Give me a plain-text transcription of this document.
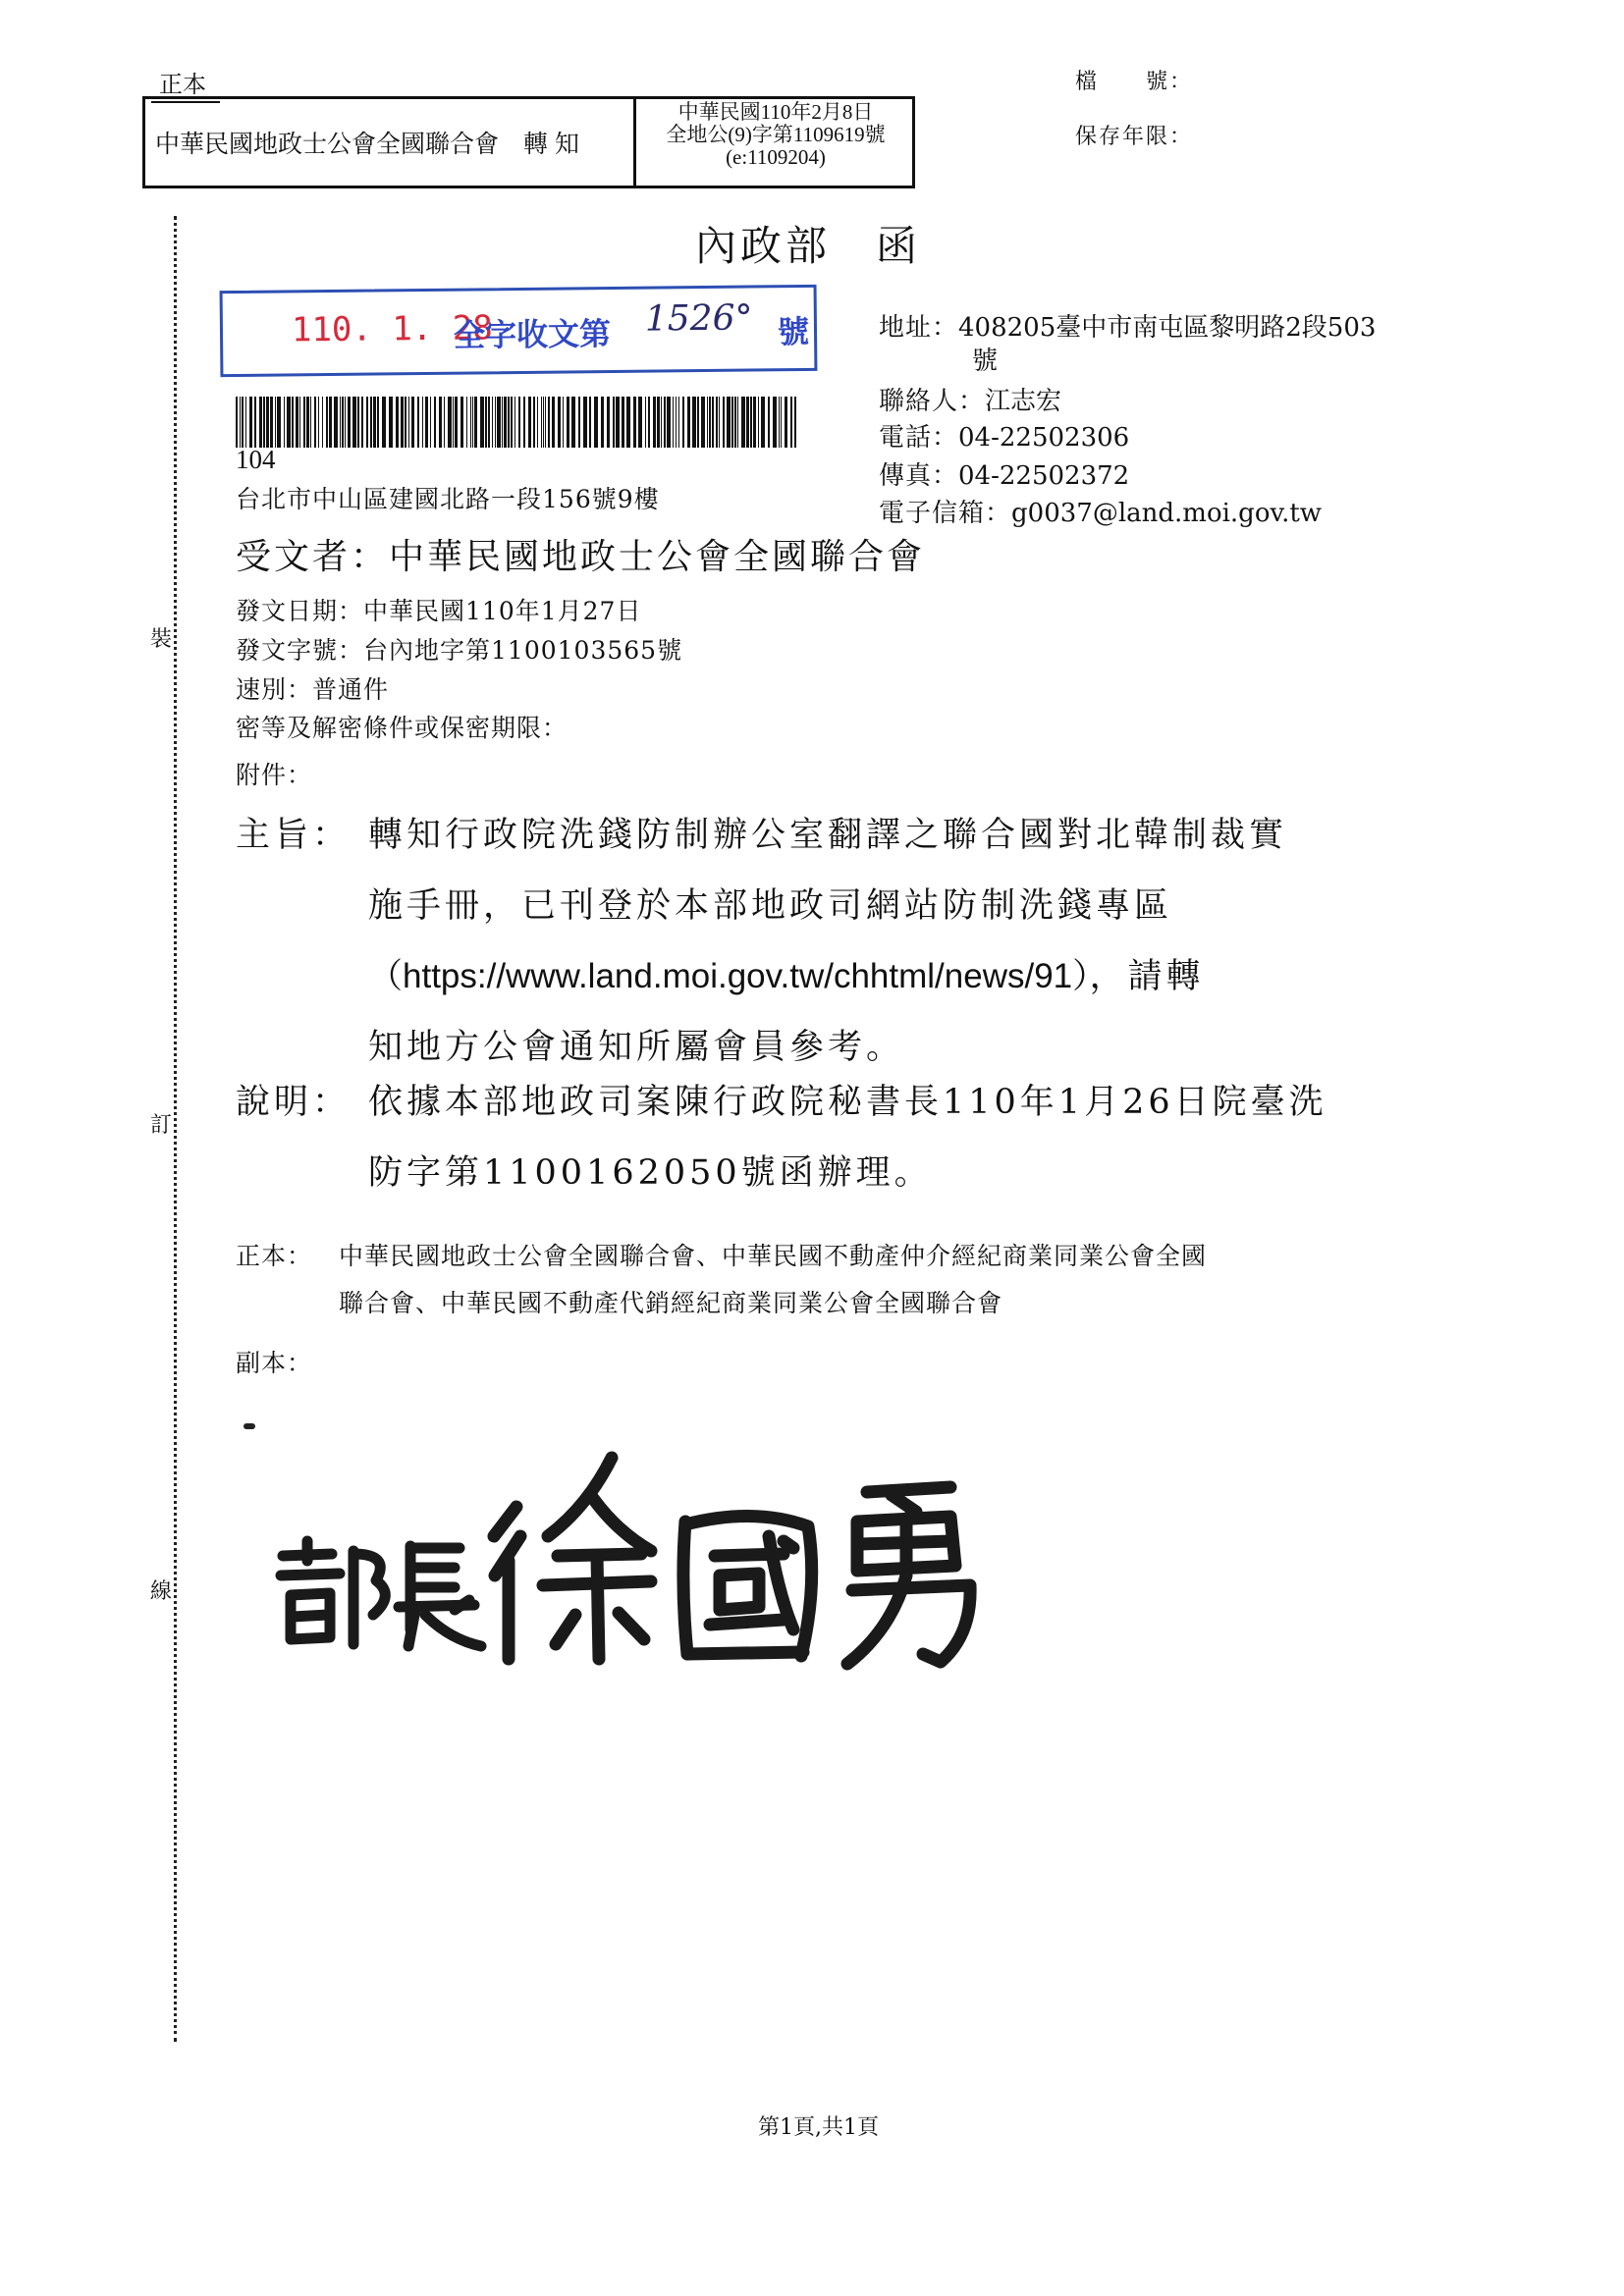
正本
中華民國地政士公會全國聯合會　轉 知
中華民國110年2月8日
全地公(9)字第1109619號
(e:1109204)
檔　　號：
保存年限：
裝
訂
線
內政部　函
110. 1. 28
全字收文第 1526° 號
104
台北市中山區建國北路一段156號9樓
地址：408205臺中市南屯區黎明路2段503
號
聯絡人：江志宏
電話：04-22502306
傳真：04-22502372
電子信箱：g0037@land.moi.gov.tw
受文者：中華民國地政士公會全國聯合會
發文日期：中華民國110年1月27日
發文字號：台內地字第1100103565號
速別：普通件
密等及解密條件或保密期限：
附件：
主旨： 轉知行政院洗錢防制辦公室翻譯之聯合國對北韓制裁實
施手冊，已刊登於本部地政司網站防制洗錢專區
（https://www.land.moi.gov.tw/chhtml/news/91），請轉
知地方公會通知所屬會員參考。
說明： 依據本部地政司案陳行政院秘書長110年1月26日院臺洗
防字第1100162050號函辦理。
正本： 中華民國地政士公會全國聯合會、中華民國不動產仲介經紀商業同業公會全國
聯合會、中華民國不動產代銷經紀商業同業公會全國聯合會
副本：
第1頁,共1頁
